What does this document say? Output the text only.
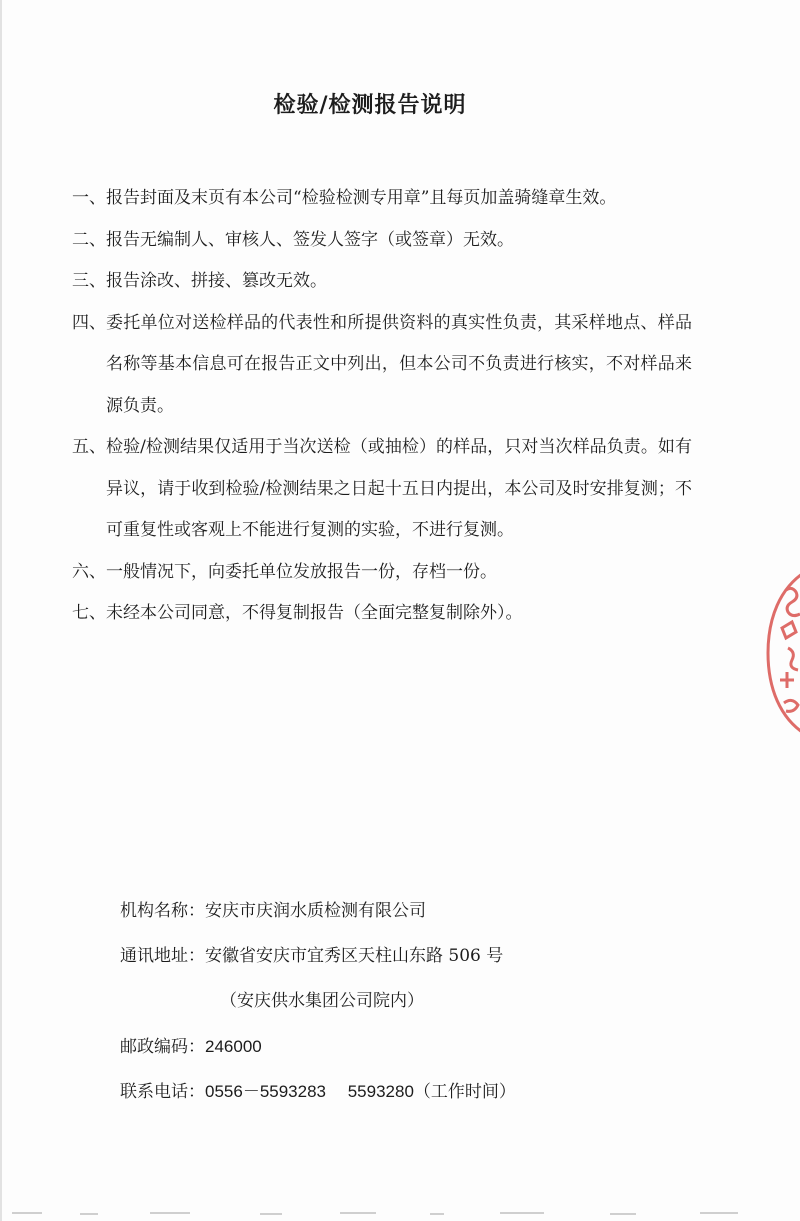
检验/检测报告说明
一、 报告封面及末页有本公司“检验检测专用章”且每页加盖骑缝章生效。
二、 报告无编制人、审核人、签发人签字（或签章）无效。
三、 报告涂改、拼接、篡改无效。
四、 委托单位对送检样品的代表性和所提供资料的真实性负责，其采样地点、样品名称等基本信息可在报告正文中列出，但本公司不负责进行核实，不对样品来源负责。
五、 检验/检测结果仅适用于当次送检（或抽检）的样品，只对当次样品负责。如有异议，请于收到检验/检测结果之日起十五日内提出，本公司及时安排复测；不可重复性或客观上不能进行复测的实验，不进行复测。
六、 一般情况下，向委托单位发放报告一份，存档一份。
七、 未经本公司同意，不得复制报告（全面完整复制除外）。
机构名称：安庆市庆润水质检测有限公司
通讯地址：安徽省安庆市宜秀区天柱山东路 506 号
（安庆供水集团公司院内）
邮政编码：246000
联系电话：0556－5593283　 5593280（工作时间）
